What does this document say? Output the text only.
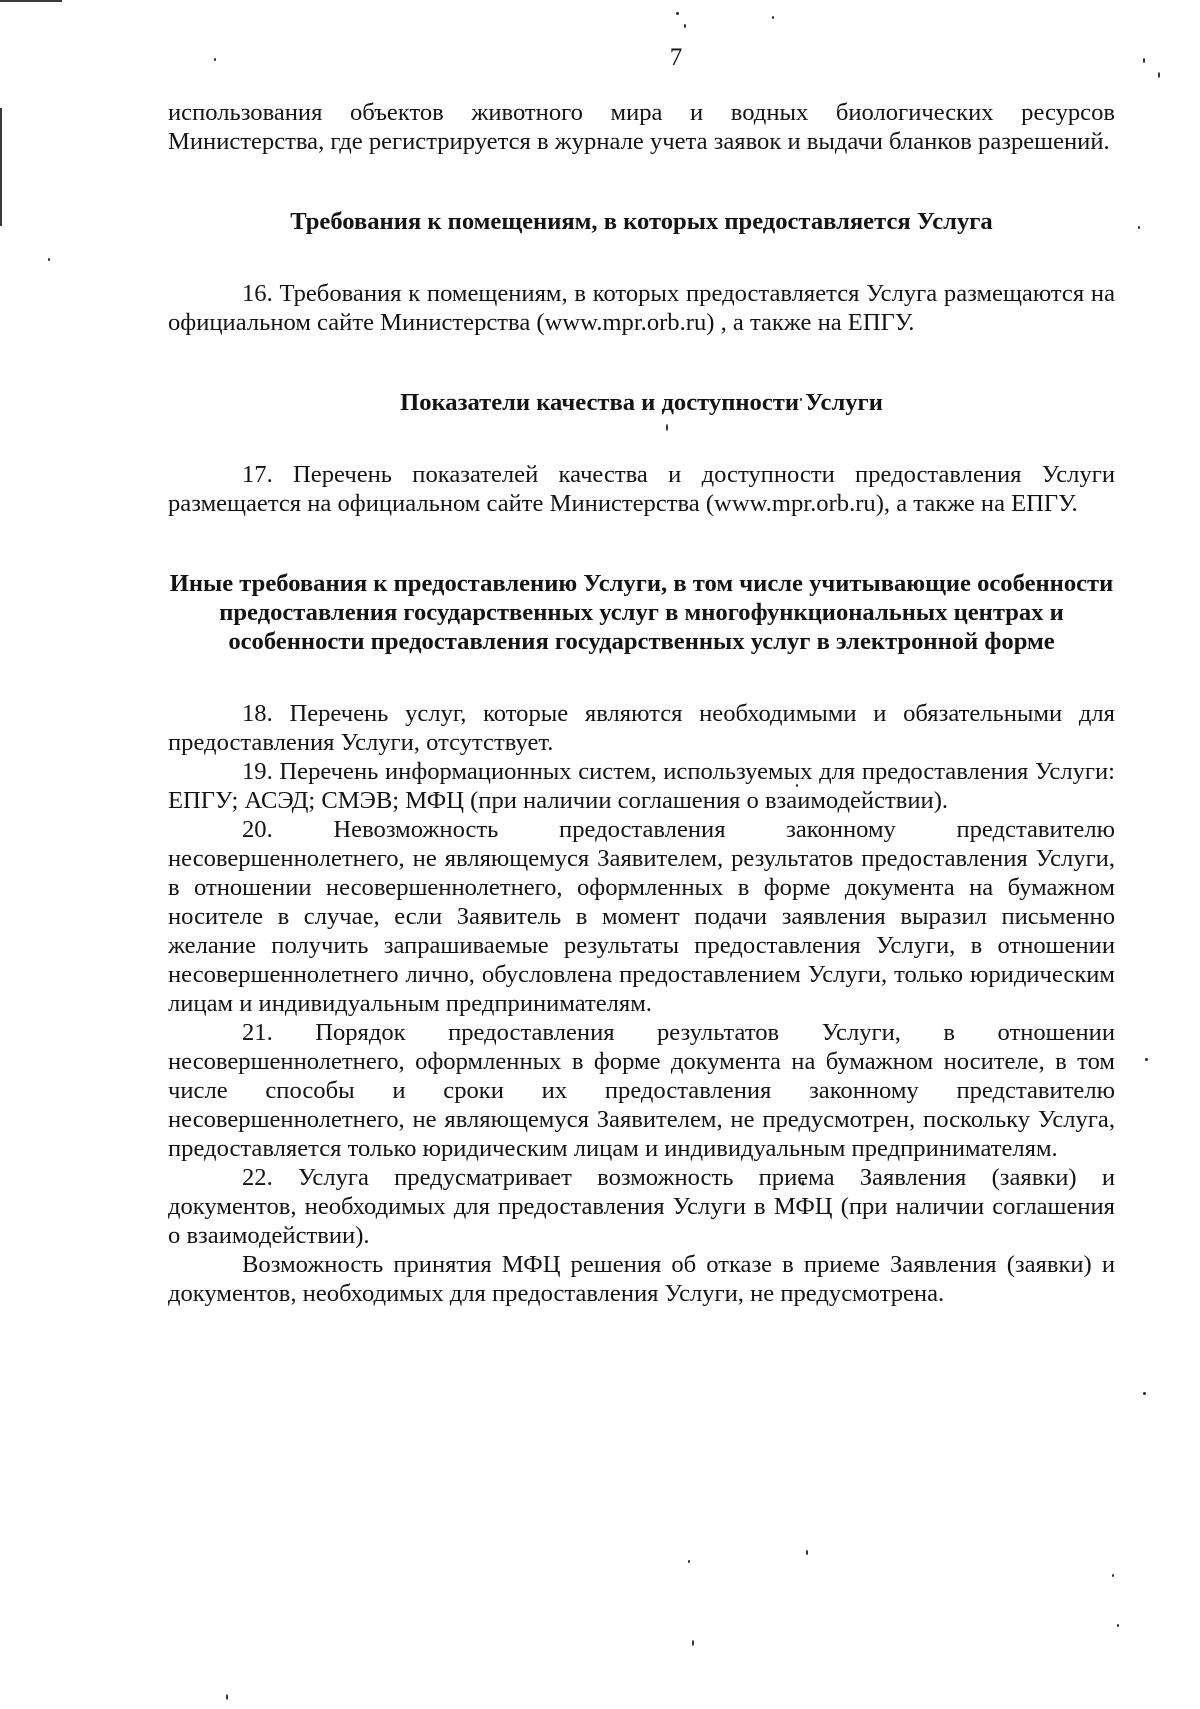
7

использования объектов животного мира и водных биологических ресурсов Министерства, где регистрируется в журнале учета заявок и выдачи бланков разрешений.

Требования к помещениям, в которых предоставляется Услуга

16. Требования к помещениям, в которых предоставляется Услуга размещаются на официальном сайте Министерства (www.mpr.orb.ru) , а также на ЕПГУ.

Показатели качества и доступности Услуги

17. Перечень показателей качества и доступности предоставления Услуги размещается на официальном сайте Министерства (www.mpr.orb.ru), а также на ЕПГУ.

Иные требования к предоставлению Услуги, в том числе учитывающие особенности предоставления государственных услуг в многофункциональных центрах и особенности предоставления государственных услуг в электронной форме

18. Перечень услуг, которые являются необходимыми и обязательными для предоставления Услуги, отсутствует.

19. Перечень информационных систем, используемых для предоставления Услуги: ЕПГУ; АСЭД; СМЭВ; МФЦ (при наличии соглашения о взаимодействии).

20. Невозможность предоставления законному представителю несовершеннолетнего, не являющемуся Заявителем, результатов предоставления Услуги, в отношении несовершеннолетнего, оформленных в форме документа на бумажном носителе в случае, если Заявитель в момент подачи заявления выразил письменно желание получить запрашиваемые результаты предоставления Услуги, в отношении несовершеннолетнего лично, обусловлена предоставлением Услуги, только юридическим лицам и индивидуальным предпринимателям.

21. Порядок предоставления результатов Услуги, в отношении несовершеннолетнего, оформленных в форме документа на бумажном носителе, в том числе способы и сроки их предоставления законному представителю несовершеннолетнего, не являющемуся Заявителем, не предусмотрен, поскольку Услуга, предоставляется только юридическим лицам и индивидуальным предпринимателям.

22. Услуга предусматривает возможность приема Заявления (заявки) и документов, необходимых для предоставления Услуги в МФЦ (при наличии соглашения о взаимодействии).

Возможность принятия МФЦ решения об отказе в приеме Заявления (заявки) и документов, необходимых для предоставления Услуги, не предусмотрена.
